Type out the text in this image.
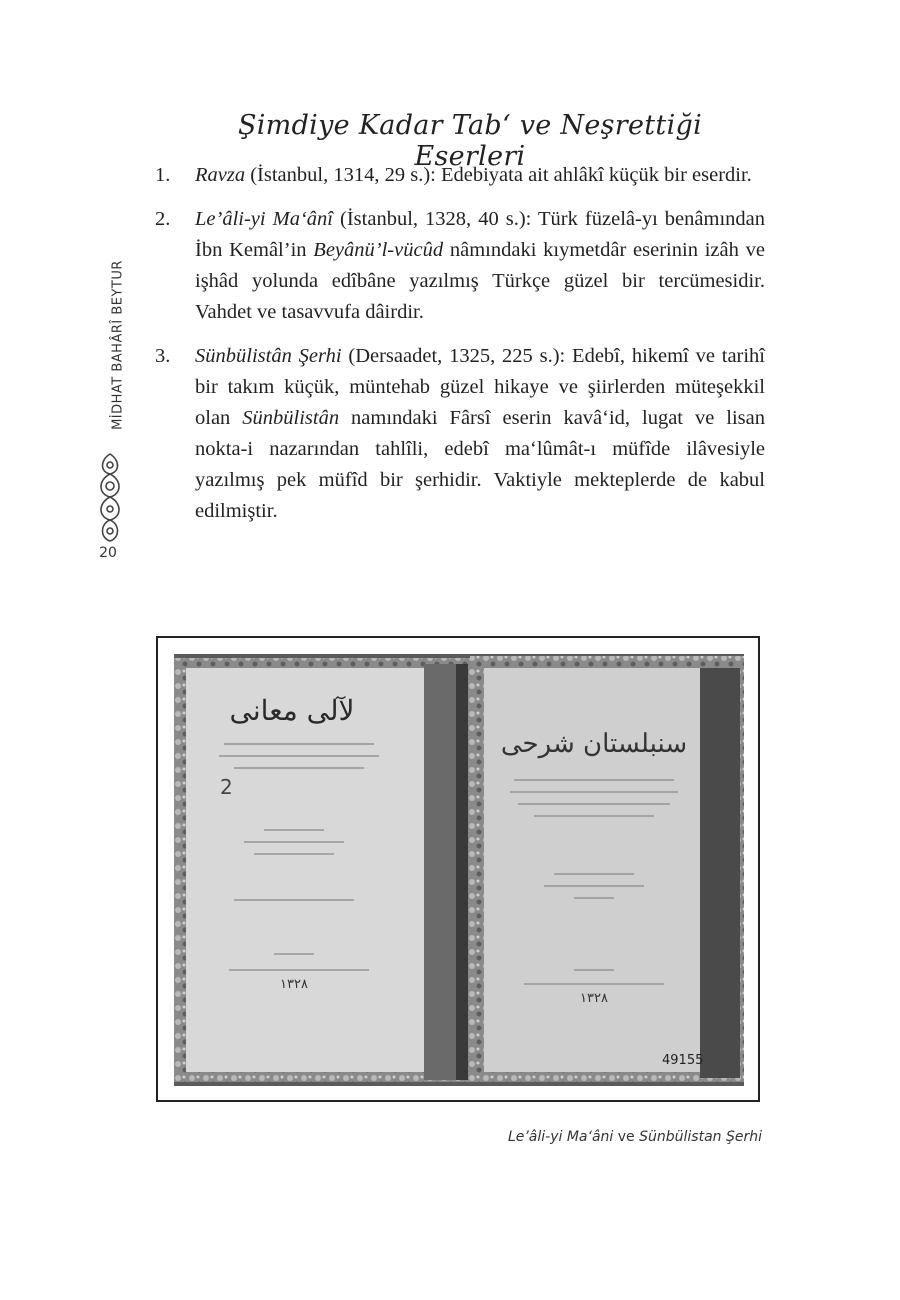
MİDHAT BAHÂRÎ BEYTUR
20
Şimdiye Kadar Tab‘ ve Neşrettiği Eserleri
1. Ravza (İstanbul, 1314, 29 s.): Edebiyata ait ahlâkî küçük bir eserdir.
2. Le’âli-yi Ma‘ânî (İstanbul, 1328, 40 s.): Türk füzelâ-yı benâmından İbn Kemâl’in Beyânü’l-vücûd nâmındaki kıymetdâr eserinin izâh ve işhâd yolunda edîbâne yazılmış Türkçe güzel bir tercümesidir. Vahdet ve tasavvufa dâirdir.
3. Sünbülistân Şerhi (Dersaadet, 1325, 225 s.): Edebî, hikemî ve tarihî bir takım küçük, müntehab güzel hikaye ve şiirlerden müteşekkil olan Sünbülistân namındaki Fârsî eserin kavâ‘id, lugat ve lisan nokta-i nazarından tahlîli, edebî ma‘lûmât-ı müfîde ilâvesiyle yazılmış pek müfîd bir şerhidir. Vaktiyle mekteplerde de kabul edilmiştir.
لآلی معانی
١٣٢٨
2
سنبلستان شرحی
١٣٢٨
49155
Le’âli-yi Ma‘âni ve Sünbülistan Şerhi
